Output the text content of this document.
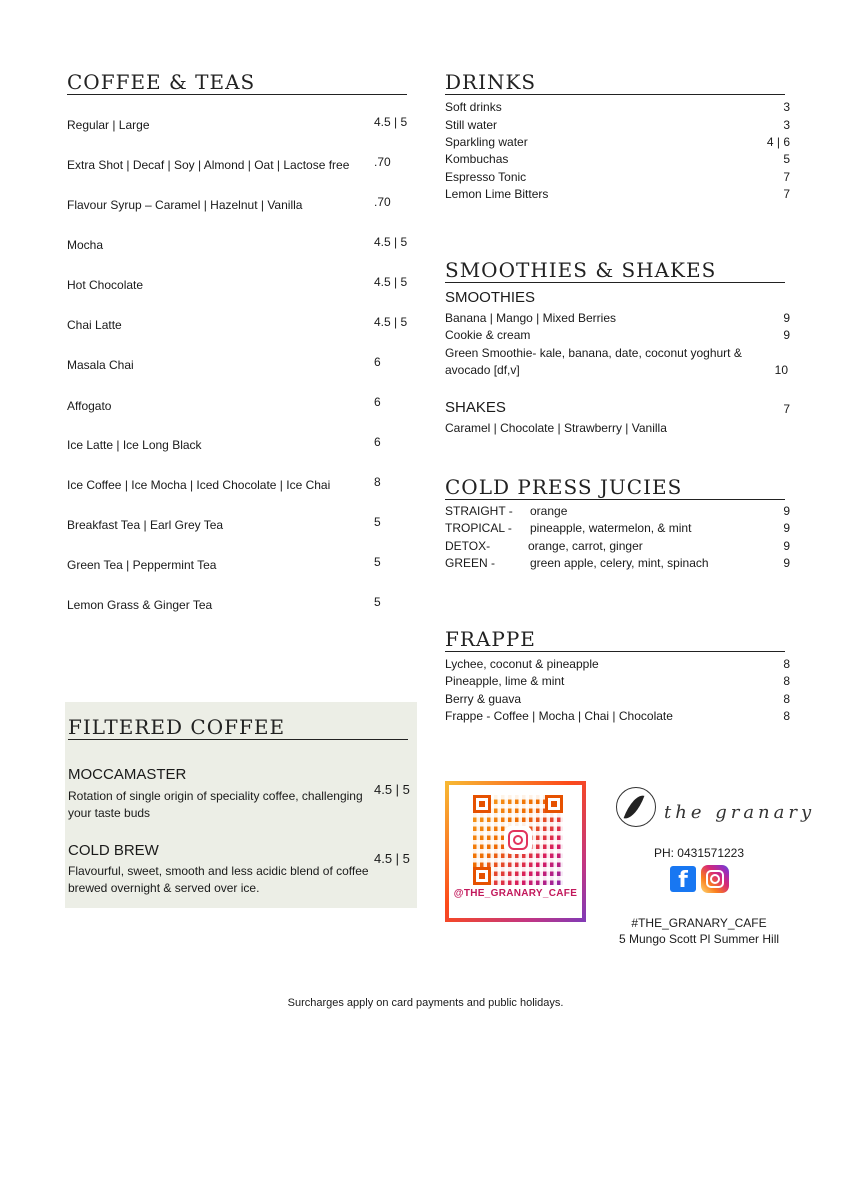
COFFEE & TEAS
Regular | Large	4.5 | 5
Extra Shot | Decaf | Soy | Almond | Oat | Lactose free .70
Flavour Syrup – Caramel | Hazelnut | Vanilla	.70
Mocha	4.5 | 5
Hot Chocolate	4.5 | 5
Chai Latte	4.5 | 5
Masala Chai	6
Affogato	6
Ice Latte | Ice Long Black	6
Ice Coffee | Ice Mocha | Iced Chocolate | Ice Chai	8
Breakfast Tea | Earl Grey Tea	5
Green Tea | Peppermint Tea	5
Lemon Grass & Ginger Tea	5
FILTERED COFFEE
MOCCAMASTER
Rotation of single origin of speciality coffee, challenging
your taste buds
4.5 | 5
COLD BREW
Flavourful, sweet, smooth and less acidic blend of coffee
brewed overnight & served over ice.
4.5 | 5
DRINKS
Soft drinks	3
Still water	3
Sparkling water	4 | 6
Kombuchas	5
Espresso Tonic	7
Lemon Lime Bitters	7
SMOOTHIES & SHAKES
SMOOTHIES
Banana | Mango | Mixed Berries	9
Cookie & cream	9
Green Smoothie- kale, banana, date, coconut yoghurt &
avocado [df,v]	10
SHAKES	7
Caramel | Chocolate | Strawberry | Vanilla
COLD PRESS JUCIES
STRAIGHT - orange	9
TROPICAL - pineapple, watermelon, & mint	9
DETOX-	orange, carrot, ginger	9
GREEN -	green apple, celery, mint, spinach	9
FRAPPE
Lychee, coconut & pineapple	8
Pineapple, lime & mint	8
Berry & guava	8
Frappe - Coffee | Mocha | Chai | Chocolate	8
@THE_GRANARY_CAFE
the granary
PH: 0431571223
f
#THE_GRANARY_CAFE
5 Mungo Scott Pl Summer Hill
Surcharges apply on card payments and public holidays.
